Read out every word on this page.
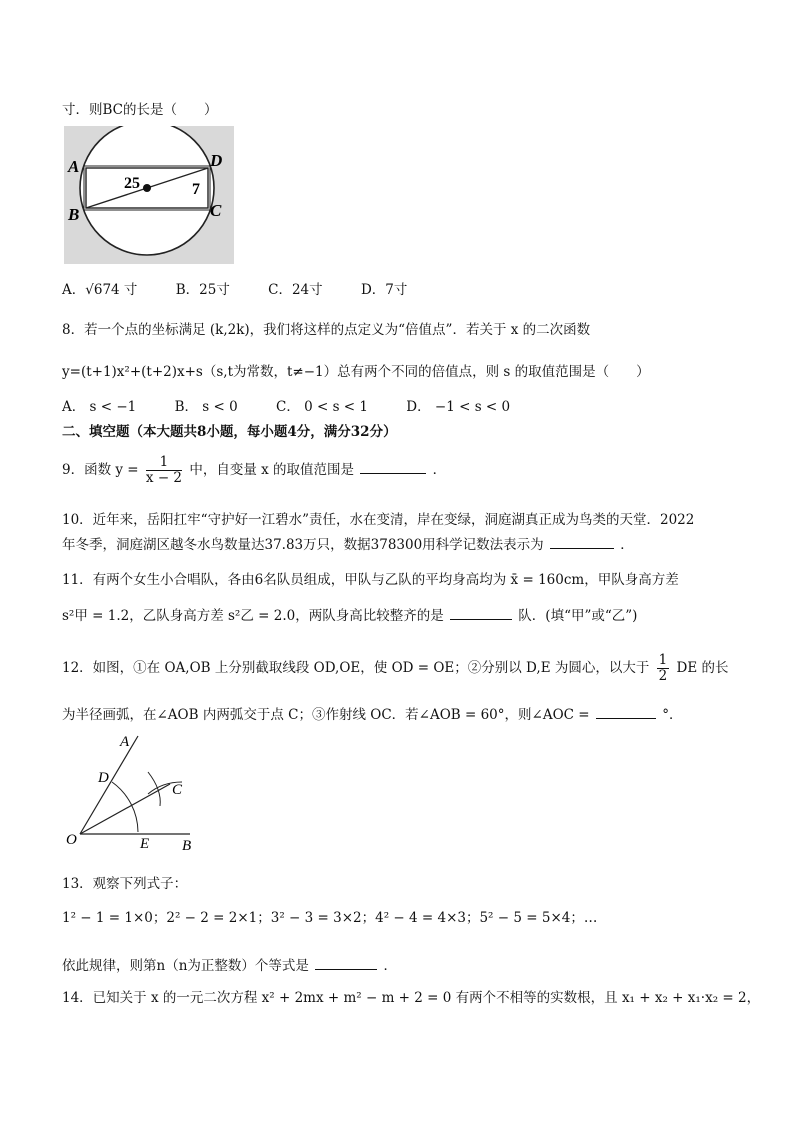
寸．则BC的长是（　　）
A	D
25	7
B	C
A．√674 寸	B．25寸	C．24寸	D．7寸
8．若一个点的坐标满足 (k,2k)，我们将这样的点定义为“倍值点”．若关于 x 的二次函数
y=(t+1)x²+(t+2)x+s（s,t为常数，t≠−1）总有两个不同的倍值点，则 s 的取值范围是（　　）
A． s < −1	B． s < 0	C． 0 < s < 1	D． −1 < s < 0
二、填空题（本大题共8小题，每小题4分，满分32分）
9．函数 $y = \frac{1}{x - 2}$ 中，自变量 x 的取值范围是	．
10．近年来，岳阳扛牢“守护好一江碧水”责任，水在变清，岸在变绿，洞庭湖真正成为鸟类的天堂．2022
年冬季，洞庭湖区越冬水鸟数量达37.83万只，数据378300用科学记数法表示为	．
11．有两个女生小合唱队，各由6名队员组成，甲队与乙队的平均身高均为 x̄ = 160cm，甲队身高方差
s²甲 = 1.2，乙队身高方差 s²乙 = 2.0，两队身高比较整齐的是	队．(填“甲”或“乙”)
12．如图，①在 OA,OB 上分别截取线段 OD,OE，使 OD = OE；②分别以 D,E 为圆心，以大于 $\frac{1}{2}$ DE 的长
为半径画弧，在∠AOB 内两弧交于点 C；③作射线 OC．若∠AOB = 60°，则∠AOC =	°．
A
D
C
O	E B
13．观察下列式子：
1² − 1 = 1×0；2² − 2 = 2×1；3² − 3 = 3×2；4² − 4 = 4×3；5² − 5 = 5×4；…
依此规律，则第n（n为正整数）个等式是	．
14．已知关于 x 的一元二次方程 x² + 2mx + m² − m + 2 = 0 有两个不相等的实数根，且 x₁ + x₂ + x₁·x₂ = 2，
